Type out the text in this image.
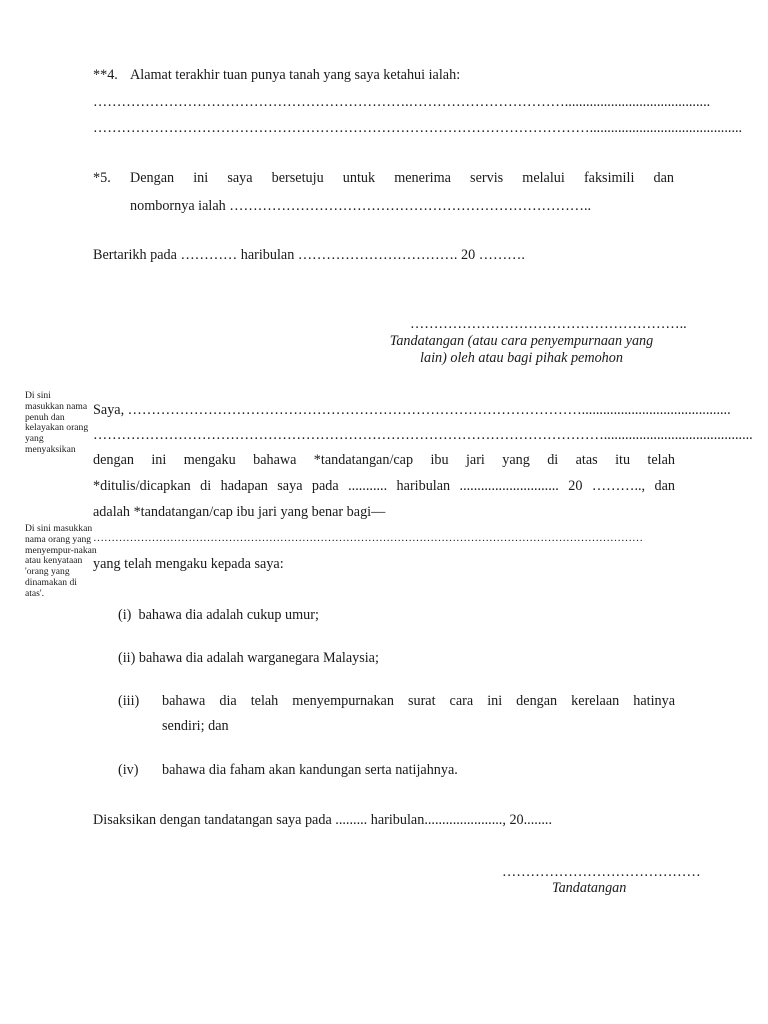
**4. Alamat terakhir tuan punya tanah yang saya ketahui ialah:
………………………………………………………….…………………………….........................................
……………………………………………………………………………………………...........................................
*5. Dengan ini saya bersetuju untuk menerima servis melalui faksimili dan
nombornya ialah …………………………………………………………………..
Bertarikh pada ………… haribulan ……………………………. 20 ……….
…………………………………………………..
Tandatangan (atau cara penyempurnaan yang
lain) oleh atau bagi pihak pemohon
Di sini masukkan nama penuh dan kelayakan orang yang menyaksikan
Di sini masukkan nama orang yang menyempur-nakan atau kenyataan 'orang yang dinamakan di atas'.
Saya, ……………………………………………………………………………………..........................................
………………………………………………………………………………………………..........................................
dengan ini mengaku bahawa *tandatangan/cap ibu jari yang di atas itu telah
*ditulis/dicapkan di hadapan saya pada ........... haribulan ............................ 20 ……….., dan
adalah *tandatangan/cap ibu jari yang benar bagi—
……………………………………………………………………………………………………………………………………
yang telah mengaku kepada saya:
(i) bahawa dia adalah cukup umur;
(ii) bahawa dia adalah warganegara Malaysia;
(iii) bahawa dia telah menyempurnakan surat cara ini dengan kerelaan hatinya
sendiri; dan
(iv) bahawa dia faham akan kandungan serta natijahnya.
Disaksikan dengan tandatangan saya pada ......... haribulan......................, 20........
……………………………………
Tandatangan
